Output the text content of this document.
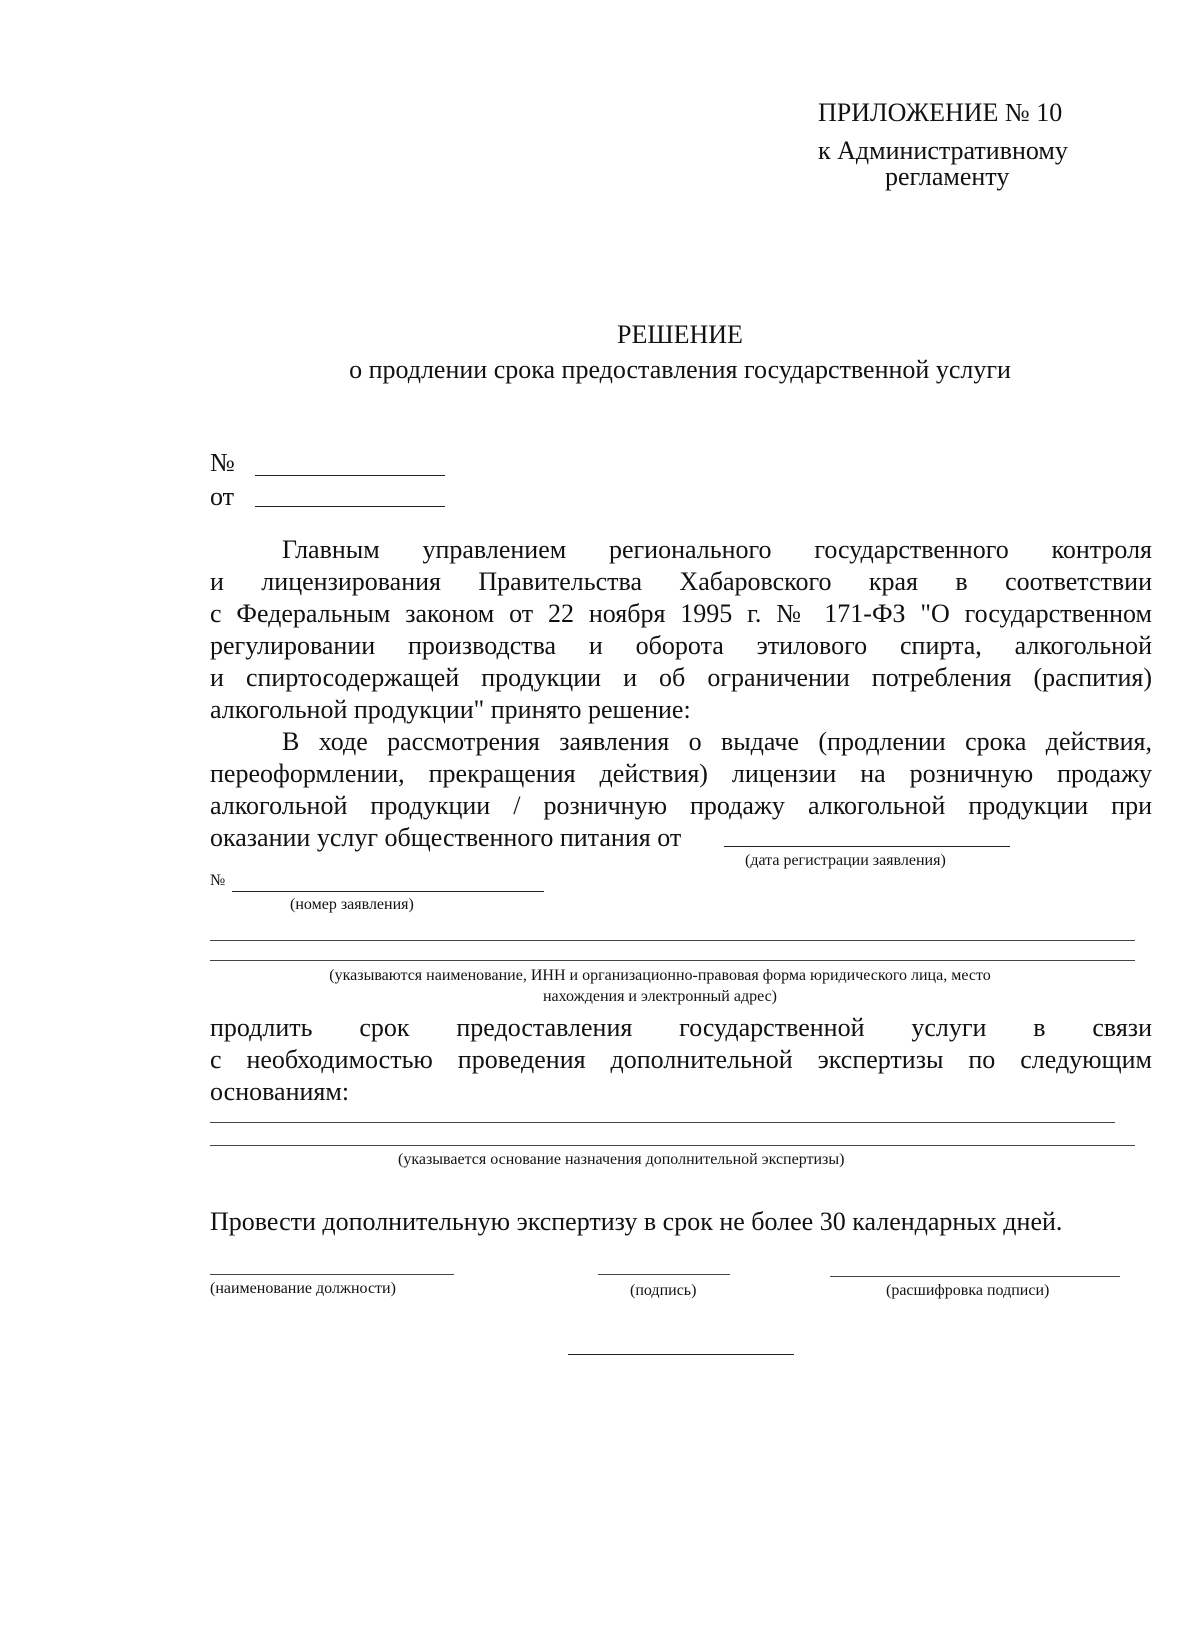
ПРИЛОЖЕНИЕ № 10
к Административному
регламенту
РЕШЕНИЕ
о продлении срока предоставления государственной услуги
№
от
Главным управлением регионального государственного контроля
и лицензирования Правительства Хабаровского края в соответствии
с Федеральным законом от 22 ноября 1995 г. № 171-ФЗ "О государственном
регулировании производства и оборота этилового спирта, алкогольной
и спиртосодержащей продукции и об ограничении потребления (распития)
алкогольной продукции" принято решение:
В ходе рассмотрения заявления о выдаче (продлении срока действия,
переоформлении, прекращения действия) лицензии на розничную продажу
алкогольной продукции / розничную продажу алкогольной продукции при
оказании услуг общественного питания от
(дата регистрации заявления)
№
(номер заявления)
(указываются наименование, ИНН и организационно-правовая форма юридического лица, место
нахождения и электронный адрес)
продлить срок предоставления государственной услуги в связи
с необходимостью проведения дополнительной экспертизы по следующим
основаниям:
(указывается основание назначения дополнительной экспертизы)
Провести дополнительную экспертизу в срок не более 30 календарных дней.
(наименование должности)	(подпись)	(расшифровка подписи)
